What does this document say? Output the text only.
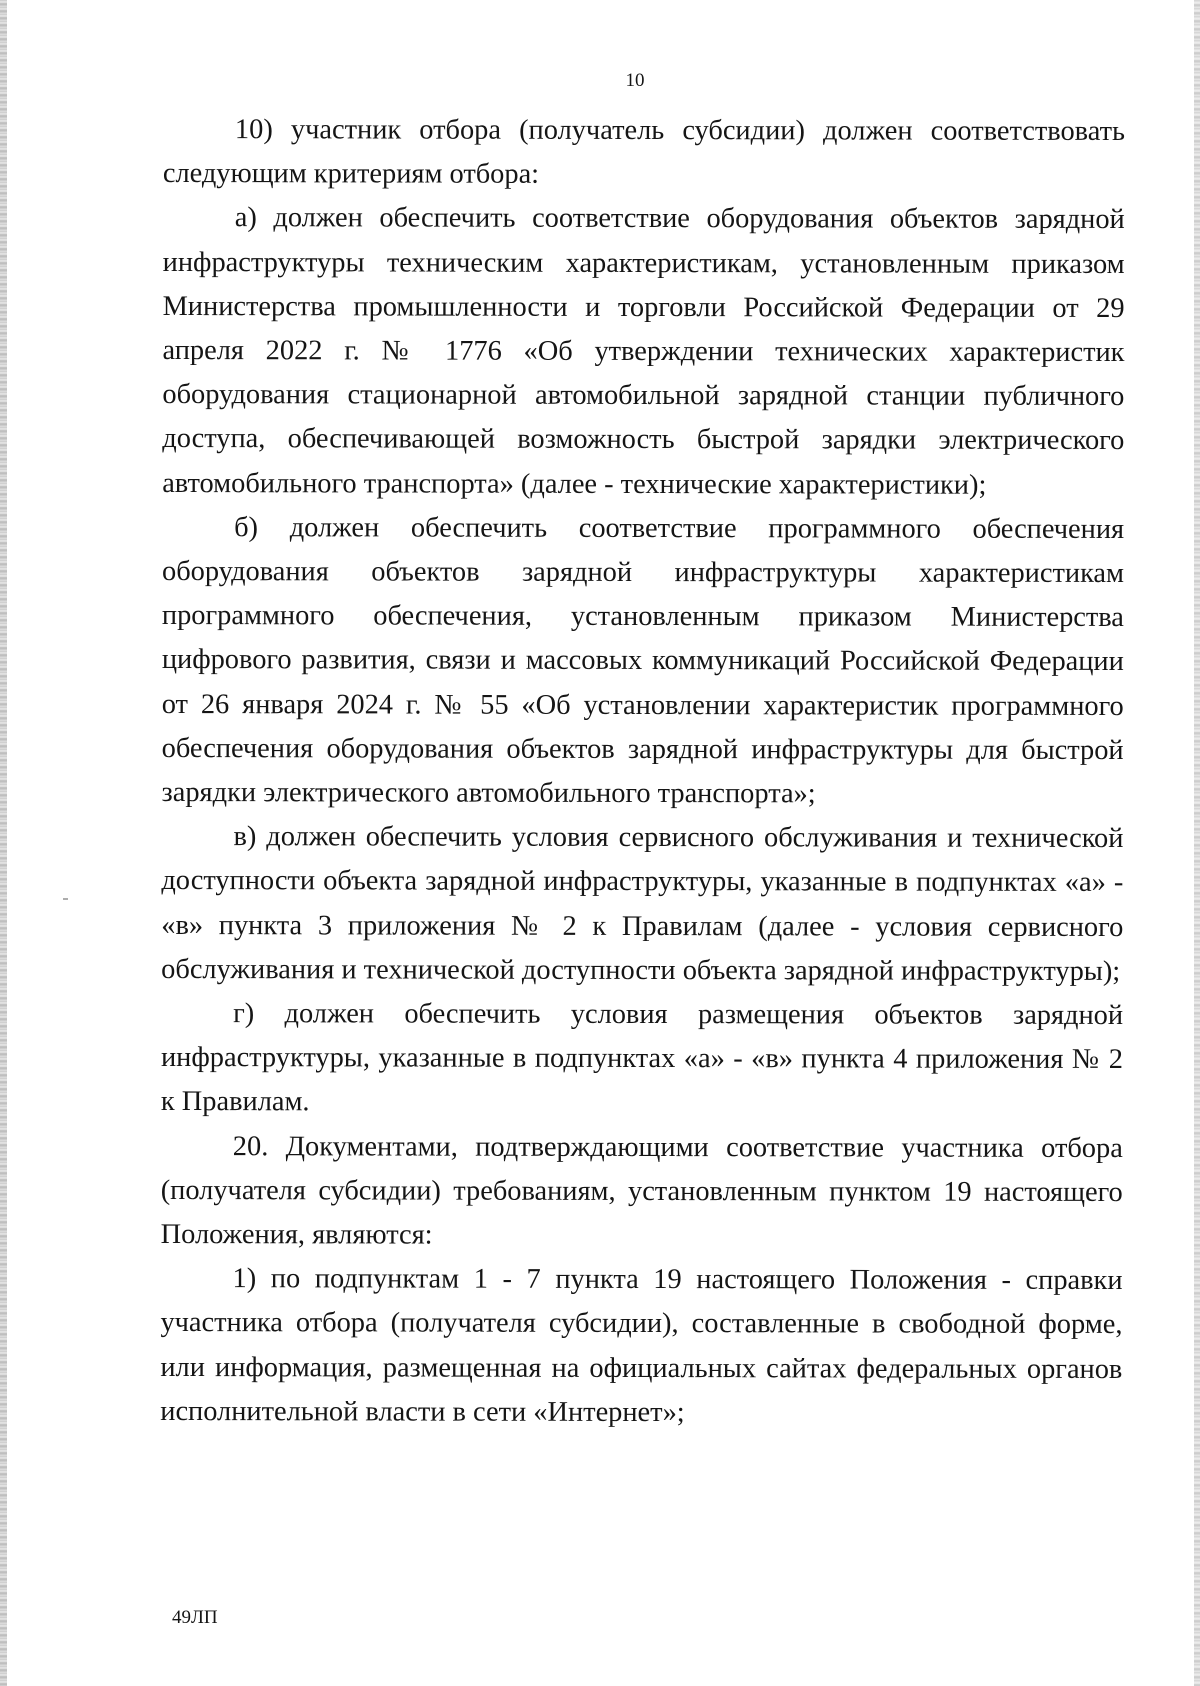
10

10) участник отбора (получатель субсидии) должен соответствовать следующим критериям отбора:

а) должен обеспечить соответствие оборудования объектов зарядной инфраструктуры техническим характеристикам, установленным приказом Министерства промышленности и торговли Российской Федерации от 29 апреля 2022 г. № 1776 «Об утверждении технических характеристик оборудования стационарной автомобильной зарядной станции публичного доступа, обеспечивающей возможность быстрой зарядки электрического автомобильного транспорта» (далее - технические характеристики);

б) должен обеспечить соответствие программного обеспечения оборудования объектов зарядной инфраструктуры характеристикам программного обеспечения, установленным приказом Министерства цифрового развития, связи и массовых коммуникаций Российской Федерации от 26 января 2024 г. № 55 «Об установлении характеристик программного обеспечения оборудования объектов зарядной инфраструктуры для быстрой зарядки электрического автомобильного транспорта»;

в) должен обеспечить условия сервисного обслуживания и технической доступности объекта зарядной инфраструктуры, указанные в подпунктах «а» - «в» пункта 3 приложения № 2 к Правилам (далее - условия сервисного обслуживания и технической доступности объекта зарядной инфраструктуры);

г) должен обеспечить условия размещения объектов зарядной инфраструктуры, указанные в подпунктах «а» - «в» пункта 4 приложения № 2 к Правилам.

20. Документами, подтверждающими соответствие участника отбора (получателя субсидии) требованиям, установленным пунктом 19 настоящего Положения, являются:

1) по подпунктам 1 - 7 пункта 19 настоящего Положения - справки участника отбора (получателя субсидии), составленные в свободной форме, или информация, размещенная на официальных сайтах федеральных органов исполнительной власти в сети «Интернет»;

49ЛП
